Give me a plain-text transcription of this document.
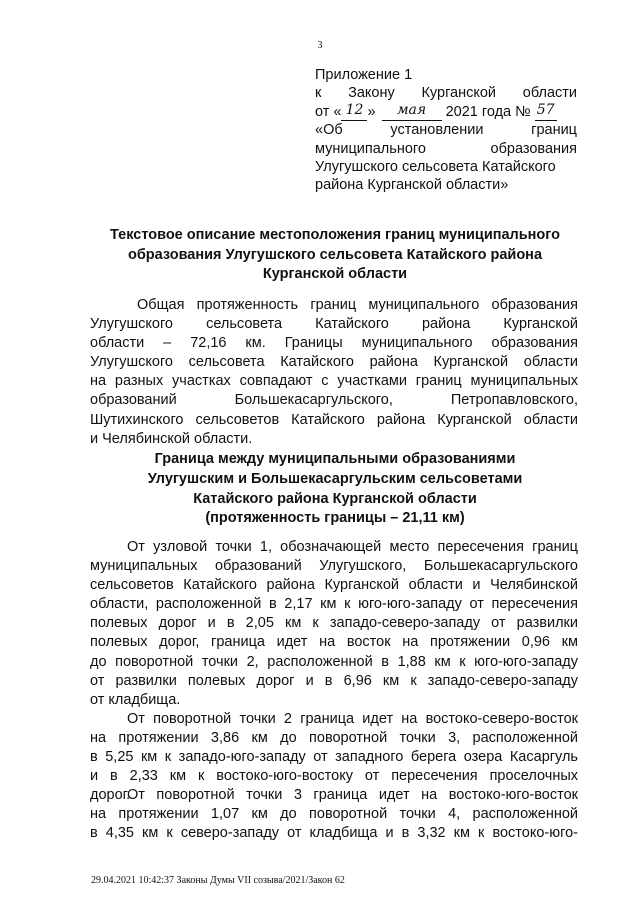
3
Приложение 1
к Закону Курганской области
от « 12 »	мая	2021 года № 57
«Об	установлении	границ
муниципального	образования
Улугушского сельсовета Катайского
района Курганской области»
Текстовое описание местоположения границ муниципального
образования Улугушского сельсовета Катайского района
Курганской области
Общая протяженность границ муниципального образования
Улугушского сельсовета Катайского района Курганской
области – 72,16 км. Границы муниципального образования
Улугушского сельсовета Катайского района Курганской области
на разных участках совпадают с участками границ муниципальных
образований Большекасаргульского, Петропавловского,
Шутихинского сельсоветов Катайского района Курганской области
и Челябинской области.
Граница между муниципальными образованиями
Улугушским и Большекасаргульским сельсоветами
Катайского района Курганской области
(протяженность границы – 21,11 км)
От узловой точки 1, обозначающей место пересечения границ
муниципальных образований Улугушского, Большекасаргульского
сельсоветов Катайского района Курганской области и Челябинской
области, расположенной в 2,17 км к юго-юго-западу от пересечения
полевых дорог и в 2,05 км к западо-северо-западу от развилки
полевых дорог, граница идет на восток на протяжении 0,96 км
до поворотной точки 2, расположенной в 1,88 км к юго-юго-западу
от развилки полевых дорог и в 6,96 км к западо-северо-западу
от кладбища.
От поворотной точки 2 граница идет на востоко-северо-восток
на протяжении 3,86 км до поворотной точки 3, расположенной
в 5,25 км к западо-юго-западу от западного берега озера Касаргуль
и в 2,33 км к востоко-юго-востоку от пересечения проселочных
дорог.
От поворотной точки 3 граница идет на востоко-юго-восток
на протяжении 1,07 км до поворотной точки 4, расположенной
в 4,35 км к северо-западу от кладбища и в 3,32 км к востоко-юго-
29.04.2021 10:42:37 Законы Думы VII созыва/2021/Закон 62
